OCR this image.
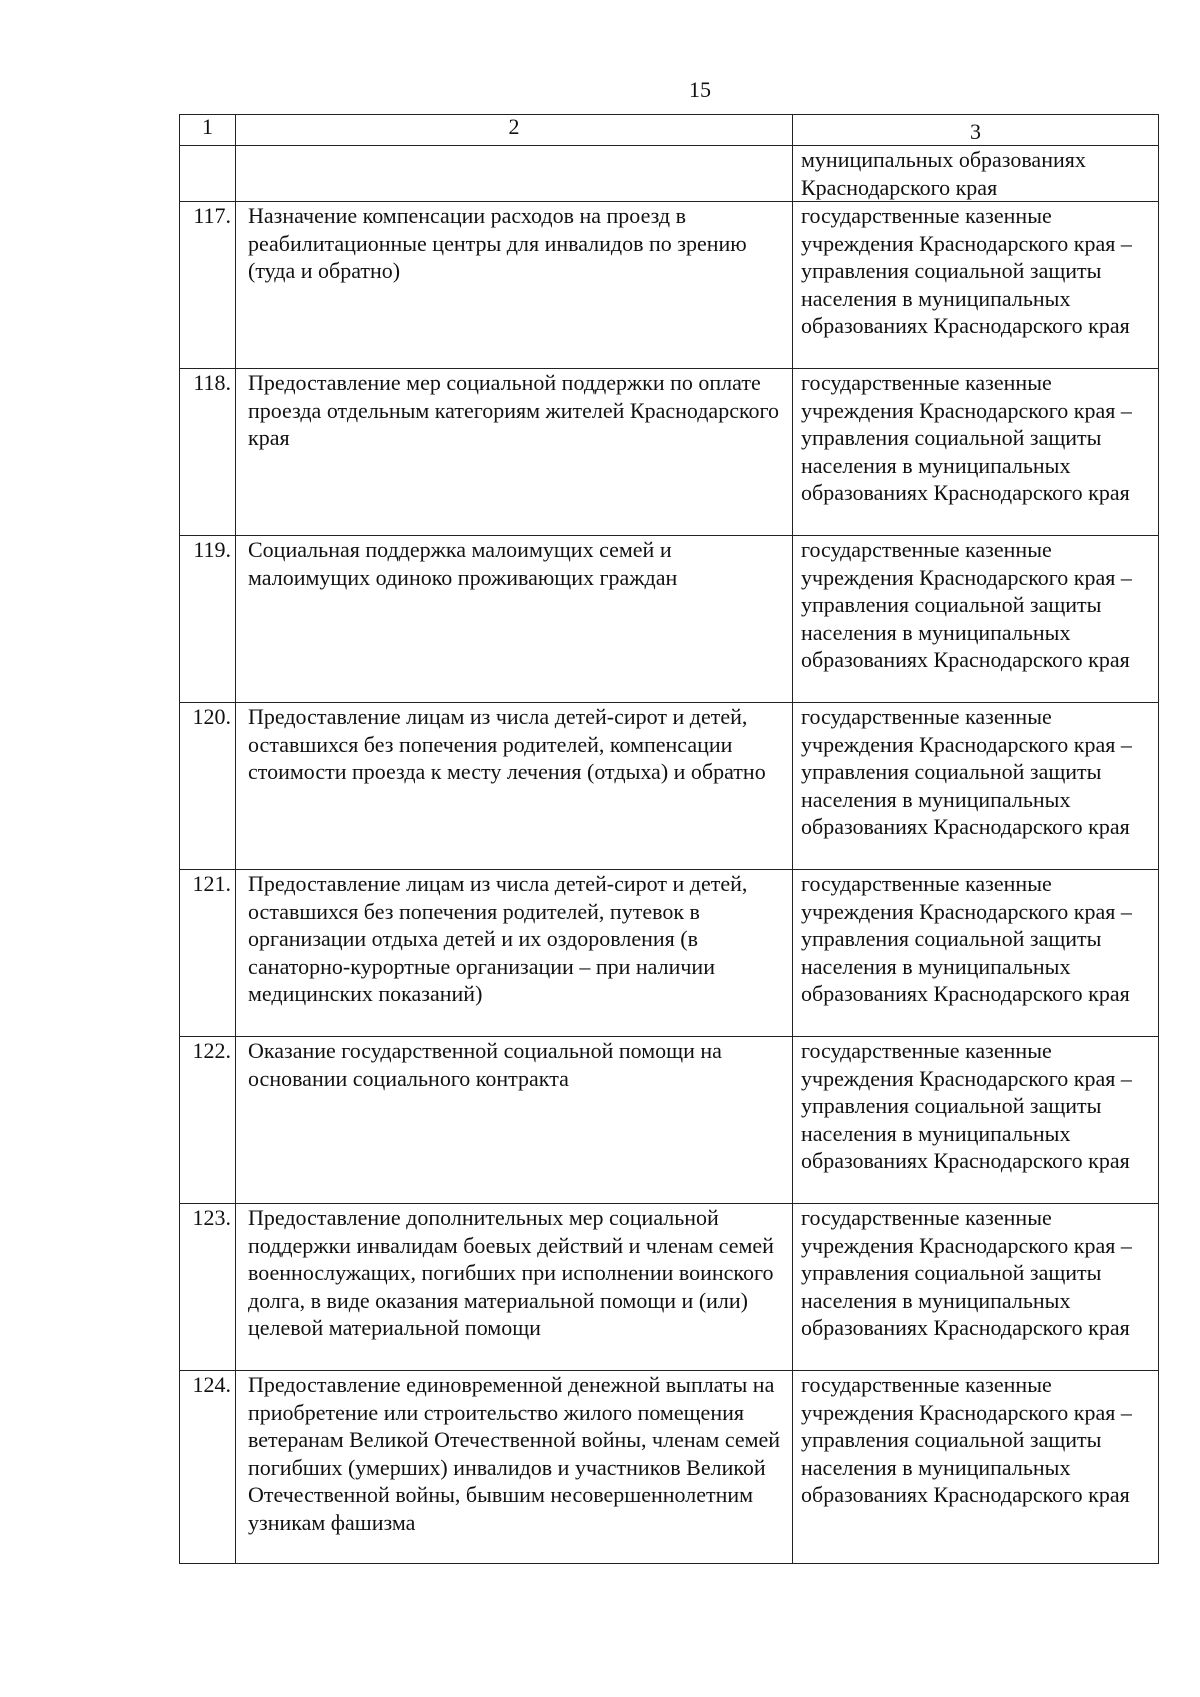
15
1	2	3
		муниципальных образованиях Краснодарского края
117.	Назначение компенсации расходов на проезд в реабилитационные центры для инвалидов по зрению (туда и обратно)	государственные казенные учреждения Краснодарского края – управления социальной защиты населения в муниципальных образованиях Краснодарского края
118.	Предоставление мер социальной поддержки по оплате проезда отдельным категориям жителей Краснодарского края	государственные казенные учреждения Краснодарского края – управления социальной защиты населения в муниципальных образованиях Краснодарского края
119.	Социальная поддержка малоимущих семей и малоимущих одиноко проживающих граждан	государственные казенные учреждения Краснодарского края – управления социальной защиты населения в муниципальных образованиях Краснодарского края
120.	Предоставление лицам из числа детей-сирот и детей, оставшихся без попечения родителей, компенсации стоимости проезда к месту лечения (отдыха) и обратно	государственные казенные учреждения Краснодарского края – управления социальной защиты населения в муниципальных образованиях Краснодарского края
121.	Предоставление лицам из числа детей-сирот и детей, оставшихся без попечения родителей, путевок в организации отдыха детей и их оздоровления (в санаторно-курортные организации – при наличии медицинских показаний)	государственные казенные учреждения Краснодарского края – управления социальной защиты населения в муниципальных образованиях Краснодарского края
122.	Оказание государственной социальной помощи на основании социального контракта	государственные казенные учреждения Краснодарского края – управления социальной защиты населения в муниципальных образованиях Краснодарского края
123.	Предоставление дополнительных мер социальной поддержки инвалидам боевых действий и членам семей военнослужащих, погибших при исполнении воинского долга, в виде оказания материальной помощи и (или) целевой материальной помощи	государственные казенные учреждения Краснодарского края – управления социальной защиты населения в муниципальных образованиях Краснодарского края
124.	Предоставление единовременной денежной выплаты на приобретение или строительство жилого помещения ветеранам Великой Отечественной войны, членам семей погибших (умерших) инвалидов и участников Великой Отечественной войны, бывшим несовершеннолетним узникам фашизма	государственные казенные учреждения Краснодарского края – управления социальной защиты населения в муниципальных образованиях Краснодарского края
